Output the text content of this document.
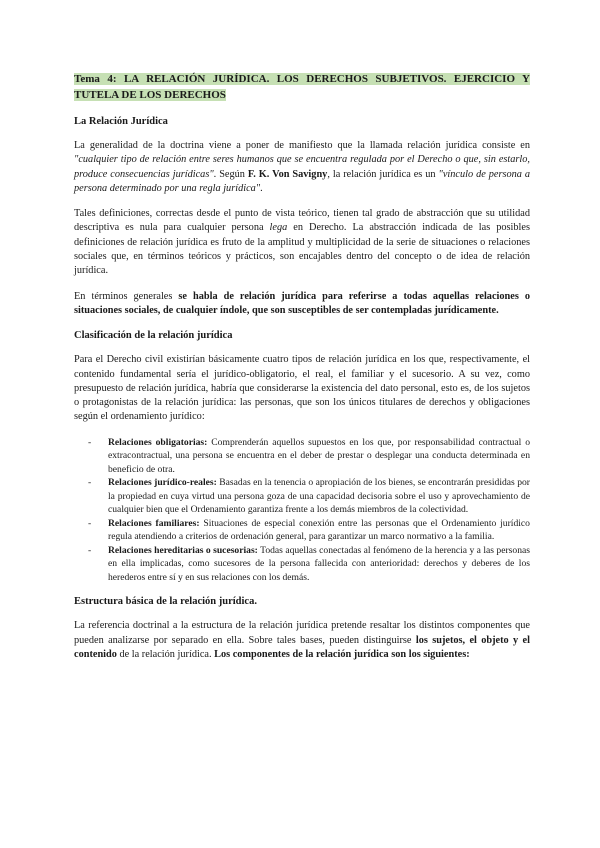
Tema 4: LA RELACIÓN JURÍDICA. LOS DERECHOS SUBJETIVOS. EJERCICIO Y TUTELA DE LOS DERECHOS
La Relación Jurídica

La generalidad de la doctrina viene a poner de manifiesto que la llamada relación jurídica consiste en "cualquier tipo de relación entre seres humanos que se encuentra regulada por el Derecho o que, sin estarlo, produce consecuencias jurídicas". Según F. K. Von Savigny, la relación jurídica es un "vínculo de persona a persona determinado por una regla jurídica".

Tales definiciones, correctas desde el punto de vista teórico, tienen tal grado de abstracción que su utilidad descriptiva es nula para cualquier persona lega en Derecho. La abstracción indicada de las posibles definiciones de relación jurídica es fruto de la amplitud y multiplicidad de la serie de situaciones o relaciones sociales que, en términos teóricos y prácticos, son encajables dentro del concepto o de idea de relación jurídica.

En términos generales se habla de relación jurídica para referirse a todas aquellas relaciones o situaciones sociales, de cualquier índole, que son susceptibles de ser contempladas jurídicamente.

Clasificación de la relación jurídica

Para el Derecho civil existirían básicamente cuatro tipos de relación jurídica en los que, respectivamente, el contenido fundamental sería el jurídico-obligatorio, el real, el familiar y el sucesorio. A su vez, como presupuesto de relación jurídica, habría que considerarse la existencia del dato personal, esto es, de los sujetos o protagonistas de la relación jurídica: las personas, que son los únicos titulares de derechos y obligaciones según el ordenamiento jurídico:

- Relaciones obligatorias: Comprenderán aquellos supuestos en los que, por responsabilidad contractual o extracontractual, una persona se encuentra en el deber de prestar o desplegar una conducta determinada en beneficio de otra.
- Relaciones jurídico-reales: Basadas en la tenencia o apropiación de los bienes, se encontrarán presididas por la propiedad en cuya virtud una persona goza de una capacidad decisoria sobre el uso y aprovechamiento de cualquier bien que el Ordenamiento garantiza frente a los demás miembros de la colectividad.
- Relaciones familiares: Situaciones de especial conexión entre las personas que el Ordenamiento jurídico regula atendiendo a criterios de ordenación general, para garantizar un marco normativo a la familia.
- Relaciones hereditarias o sucesorias: Todas aquellas conectadas al fenómeno de la herencia y a las personas en ella implicadas, como sucesores de la persona fallecida con anterioridad: derechos y deberes de los herederos entre sí y en sus relaciones con los demás.
Estructura básica de la relación jurídica.

La referencia doctrinal a la estructura de la relación jurídica pretende resaltar los distintos componentes que pueden analizarse por separado en ella. Sobre tales bases, pueden distinguirse los sujetos, el objeto y el contenido de la relación jurídica. Los componentes de la relación jurídica son los siguientes:
